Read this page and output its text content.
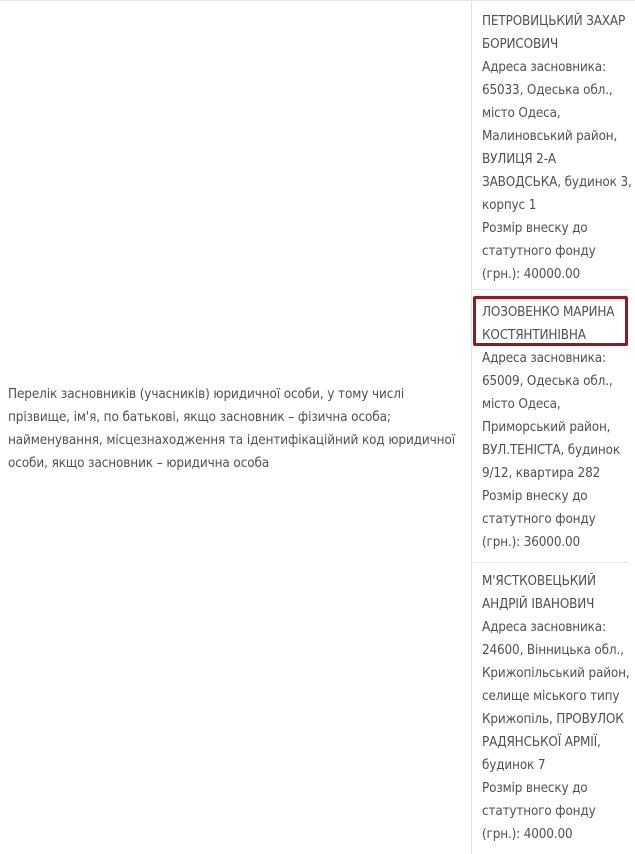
Перелік засновників (учасників) юридичної особи, у тому числі прізвище, ім'я, по батькові, якщо засновник – фізична особа; найменування, місцезнаходження та ідентифікаційний код юридичної особи, якщо засновник – юридична особа
ПЕТРОВИЦЬКИЙ ЗАХАР БОРИСОВИЧ
Адреса засновника: 65033, Одеська обл., місто Одеса, Малиновський район, ВУЛИЦЯ 2-А ЗАВОДСЬКА, будинок 3, корпус 1
Розмір внеску до статутного фонду (грн.): 40000.00
ЛОЗОВЕНКО МАРИНА КОСТЯНТИНІВНА
Адреса засновника: 65009, Одеська обл., місто Одеса, Приморський район, ВУЛ.ТЕНІСТА, будинок 9/12, квартира 282
Розмір внеску до статутного фонду (грн.): 36000.00
М'ЯСТКОВЕЦЬКИЙ АНДРІЙ ІВАНОВИЧ
Адреса засновника: 24600, Вінницька обл., Крижопільський район, селище міського типу Крижопіль, ПРОВУЛОК РАДЯНСЬКОЇ АРМІЇ, будинок 7
Розмір внеску до статутного фонду (грн.): 4000.00
